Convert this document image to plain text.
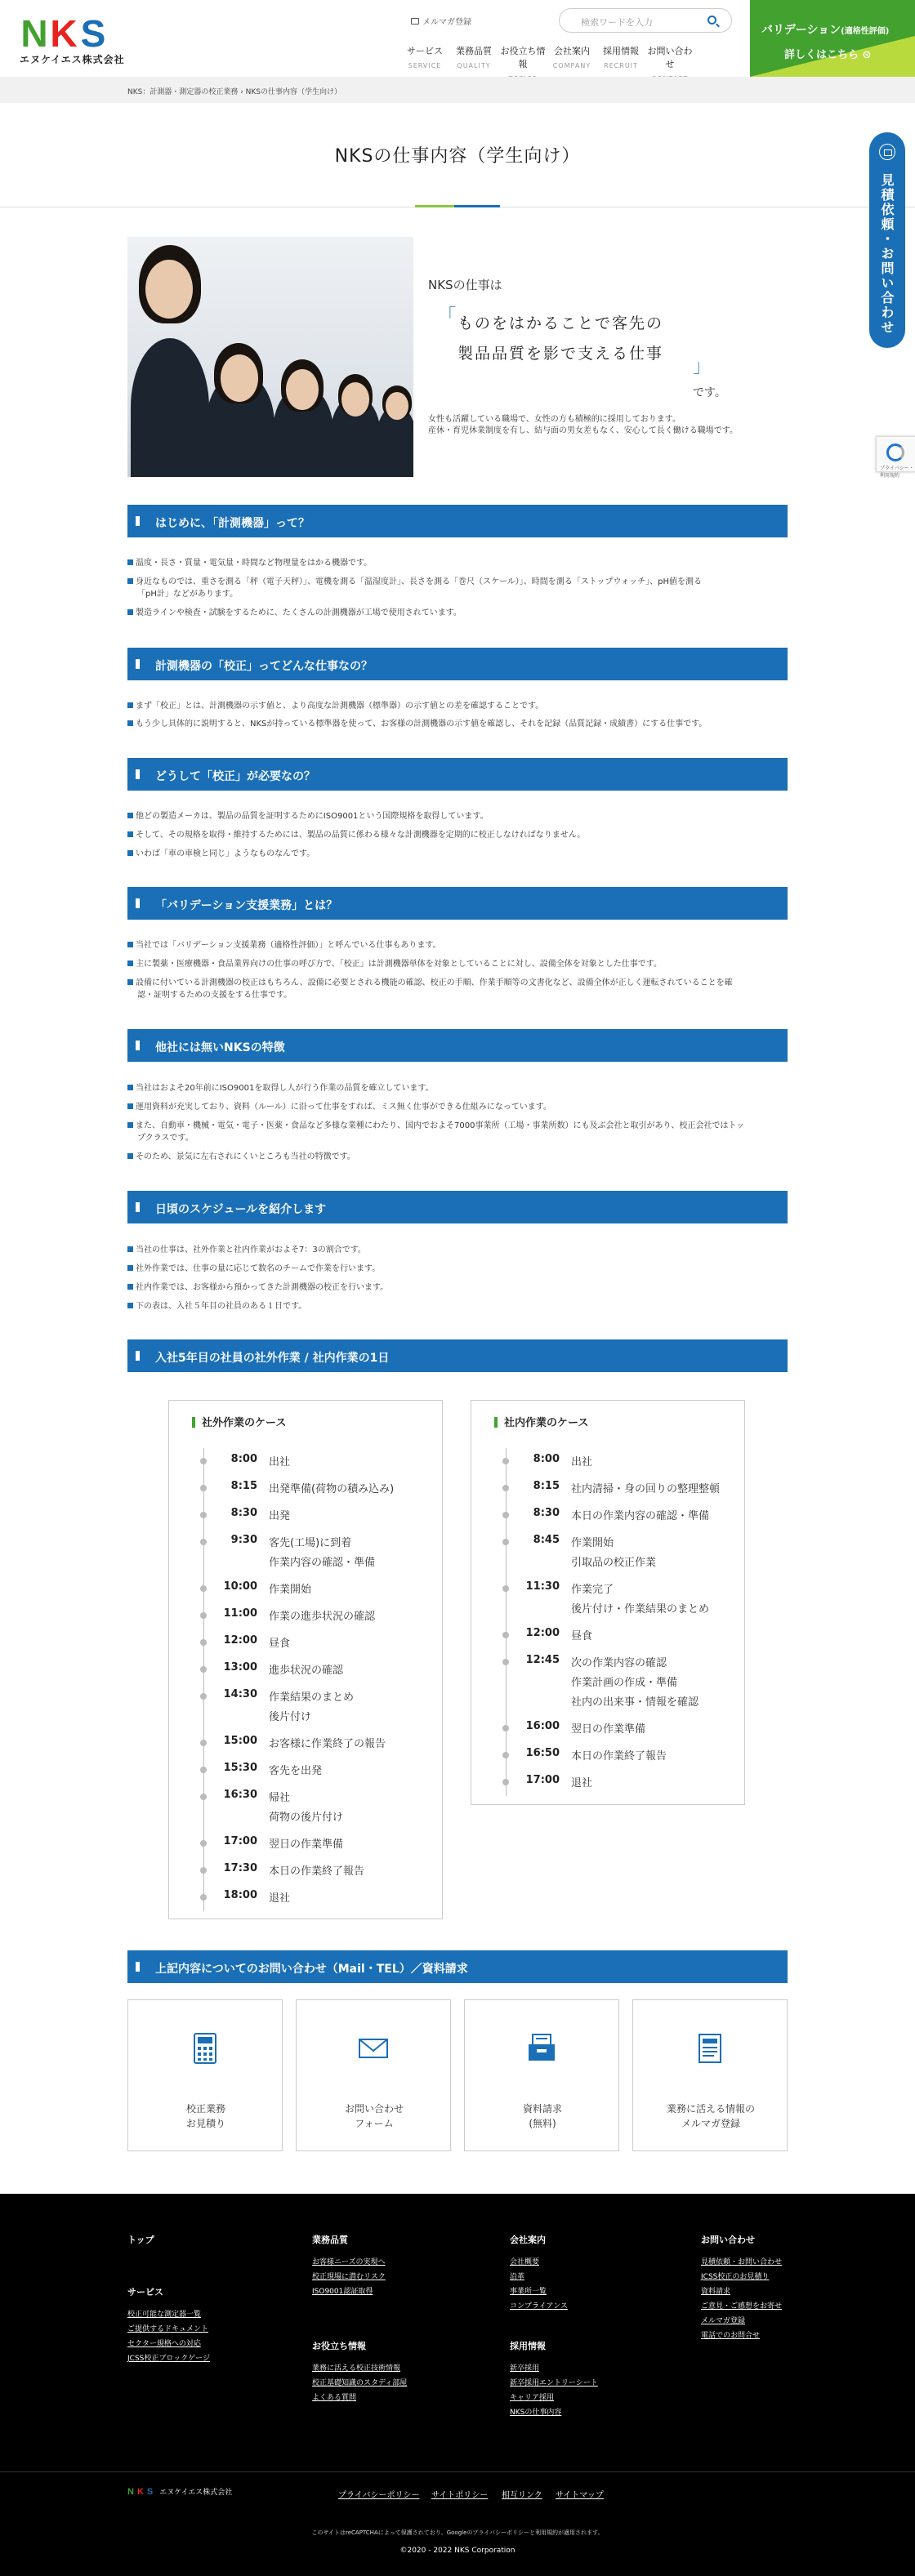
N K S
エヌケイエス株式会社
メルマガ登録	検索ワードを入力
サービス
SERVICE
業務品質
QUALITY
お役立ち情報
会社案内
COMPANY
採用情報
RECRUIT
お問い合わせ
バリデーション(適格性評価)
詳しくはこちら ⊙
NKS：計測器・測定器の校正業務 › NKSの仕事内容（学生向け）
NKSの仕事内容（学生向け）
見積依頼・お問い合わせ
プライバシー・利用規約
NKSの仕事は
「 ものをはかることで客先の
製品品質を影で支える仕事
」
です。
女性も活躍している職場で、女性の方も積極的に採用しております。
産休・育児休業制度を有し、結与面の男女差もなく、安心して長く働ける職場です。
はじめに、「計測機器」って？
温度・長さ・質量・電気量・時間など物理量をはかる機器です。
身近なものでは、重さを測る「秤（電子天秤）」、電機を測る「温湿度計」、長さを測る「巻尺（スケール）」、時間を測る「ストップウォッチ」、pH値を測る
「pH計」などがあります。
製造ラインや検査・試験をするために、たくさんの計測機器が工場で使用されています。
計測機器の「校正」ってどんな仕事なの？
まず「校正」とは、計測機器の示す値と、より高度な計測機器（標準器）の示す値との差を確認することです。
もう少し具体的に説明すると、NKSが持っている標準器を使って、お客様の計測機器の示す値を確認し、それを記録（品質記録・成績書）にする仕事です。
どうして「校正」が必要なの？
他どの製造メーカは、製品の品質を証明するためにISO9001という国際規格を取得しています。
そして、その規格を取得・維持するためには、製品の品質に係わる様々な計測機器を定期的に校正しなければなりません。
いわば「車の車検と同じ」ようなものなんです。
「バリデーション支援業務」とは？
当社では「バリデーション支援業務（適格性評価）」と呼んでいる仕事もあります。
主に製薬・医療機器・食品業界向けの仕事の呼び方で、「校正」は計測機器単体を対象としていることに対し、設備全体を対象とした仕事です。
設備に付いている計測機器の校正はもちろん、設備に必要とされる機能の確認、校正の手順、作業手順等の文書化など、設備全体が正しく運転されていることを確
認・証明するための支援をする仕事です。
他社には無いNKSの特徴
当社はおよそ20年前にISO9001を取得し人が行う作業の品質を確立しています。
運用資料が充実しており、資料（ルール）に沿って仕事をすれば、ミス無く仕事ができる仕組みになっています。
また、自動車・機械・電気・電子・医薬・食品など多様な業種にわたり、国内でおよそ7000事業所（工場・事業所数）にも及ぶ会社と取引があり、校正会社ではトッ
プクラスです。
そのため、景気に左右されにくいところも当社の特徴です。
日頃のスケジュールを紹介します
当社の仕事は、社外作業と社内作業がおよそ7：3の割合です。
社外作業では、仕事の量に応じて数名のチームで作業を行います。
社内作業では、お客様から預かってきた計測機器の校正を行います。
下の表は、入社５年目の社員のある１日です。
入社5年目の社員の社外作業 / 社内作業の1日
社外作業のケース
8:00 出社
8:15 出発準備(荷物の積み込み)
8:30 出発
9:30 客先(工場)に到着
作業内容の確認・準備
10:00 作業開始
11:00 作業の進歩状況の確認
12:00 昼食
13:00 進歩状況の確認
14:30 作業結果のまとめ
後片付け
15:00 お客様に作業終了の報告
15:30 客先を出発
16:30 帰社
荷物の後片付け
17:00 翌日の作業準備
17:30 本日の作業終了報告
18:00 退社
社内作業のケース
8:00 出社
8:15 社内清掃・身の回りの整理整頓
8:30 本日の作業内容の確認・準備
8:45 作業開始
引取品の校正作業
11:30 作業完了
後片付け・作業結果のまとめ
12:00 昼食
12:45 次の作業内容の確認
作業計画の作成・準備
社内の出来事・情報を確認
16:00 翌日の作業準備
16:50 本日の作業終了報告
17:00 退社
上記内容についてのお問い合わせ（Mail・TEL）／資料請求
校正業務
お見積り
お問い合わせ
フォーム
資料請求
(無料)
業務に活える情報の
メルマガ登録
トップ
サービス
校正可能な測定器一覧
ご提供するドキュメント
セクター規格への対応
JCSS校正ブロックゲージ
業務品質
お客様ニーズの実現へ
校正現場に潜むリスク
ISO9001認証取得
お役立ち情報
業務に活える校正技術情報
校正基礎知識のスタディ部屋
よくある質問
会社案内
会社概要
沿革
事業所一覧
コンプライアンス
採用情報
新卒採用
新卒採用エントリーシート
キャリア採用
NKSの仕事内容
お問い合わせ
見積依頼・お問い合わせ
JCSS校正のお見積り
資料請求
ご意見・ご感想をお寄せ
メルマガ登録
電話でのお問合せ
N K S エヌケイエス株式会社	プライバシーポリシー サイトポリシー 相互リンク サイトマップ
このサイトはreCAPTCHAによって保護されており、Googleのプライバシーポリシーと利用規約が適用されます。
©2020 - 2022 NKS Corporation
